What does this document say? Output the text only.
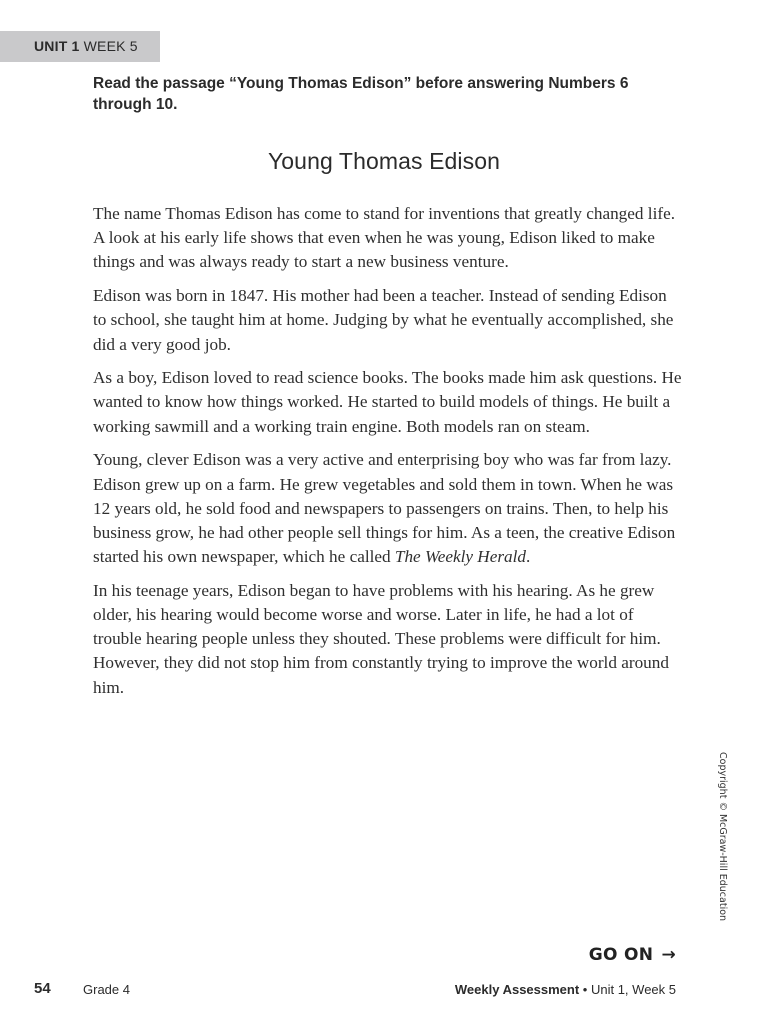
UNIT 1 WEEK 5
Read the passage “Young Thomas Edison” before answering Numbers 6 through 10.
Young Thomas Edison

The name Thomas Edison has come to stand for inventions that greatly changed life. A look at his early life shows that even when he was young, Edison liked to make things and was always ready to start a new business venture.

Edison was born in 1847. His mother had been a teacher. Instead of sending Edison to school, she taught him at home. Judging by what he eventually accomplished, she did a very good job.

As a boy, Edison loved to read science books. The books made him ask questions. He wanted to know how things worked. He started to build models of things. He built a working sawmill and a working train engine. Both models ran on steam.

Young, clever Edison was a very active and enterprising boy who was far from lazy. Edison grew up on a farm. He grew vegetables and sold them in town. When he was 12 years old, he sold food and newspapers to passengers on trains. Then, to help his business grow, he had other people sell things for him. As a teen, the creative Edison started his own newspaper, which he called The Weekly Herald.

In his teenage years, Edison began to have problems with his hearing. As he grew older, his hearing would become worse and worse. Later in life, he had a lot of trouble hearing people unless they shouted. These problems were difficult for him. However, they did not stop him from constantly trying to improve the world around him.

Copyright © McGraw-Hill Education
GO ON →
54 Grade 4	Weekly Assessment • Unit 1, Week 5
